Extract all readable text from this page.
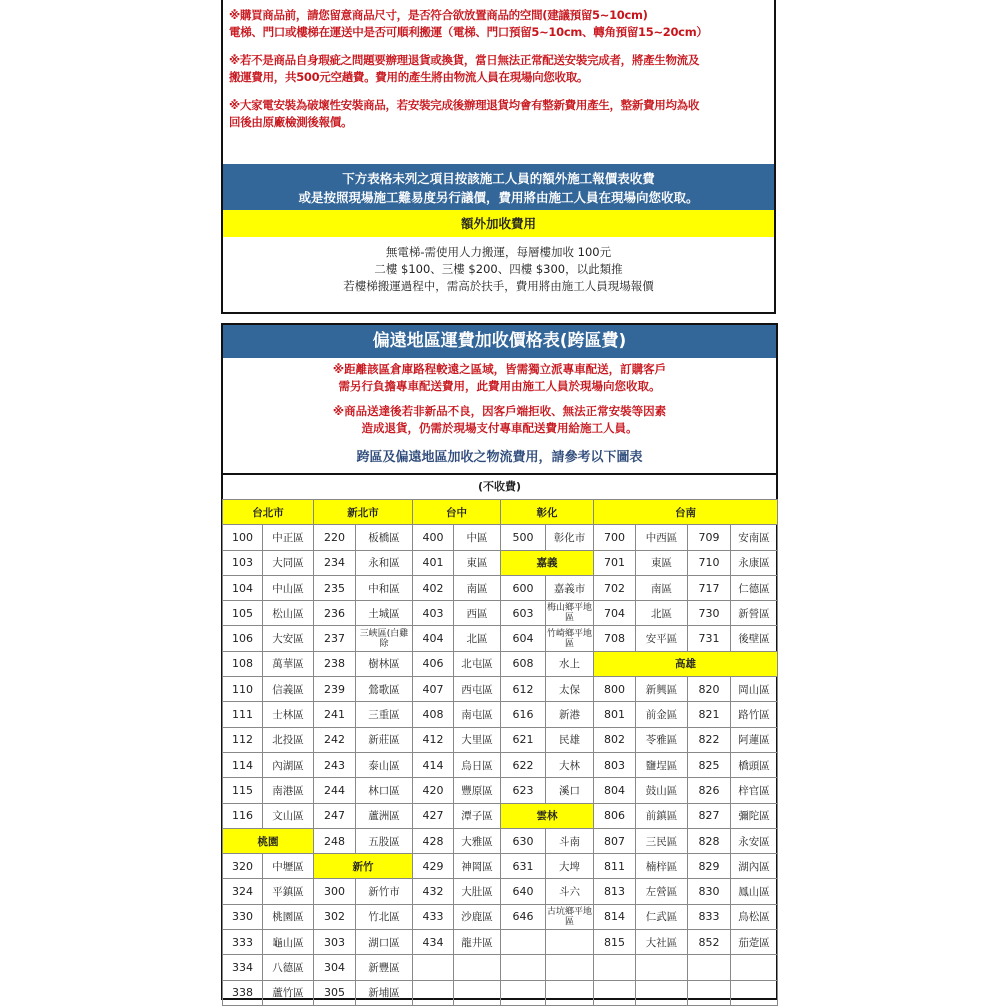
※購買商品前，請您留意商品尺寸，是否符合欲放置商品的空間(建議預留5~10cm)
電梯、門口或樓梯在運送中是否可順利搬運（電梯、門口預留5~10cm、轉角預留15~20cm）

※若不是商品自身瑕疵之問題要辦理退貨或換貨，當日無法正常配送安裝完成者，將產生物流及
搬運費用，共500元空趟費。費用的產生將由物流人員在現場向您收取。

※大家電安裝為破壞性安裝商品，若安裝完成後辦理退貨均會有整新費用產生，整新費用均為收
回後由原廠檢測後報價。

下方表格未列之項目按該施工人員的額外施工報價表收費
或是按照現場施工難易度另行議價，費用將由施工人員在現場向您收取。
額外加收費用
無電梯-需使用人力搬運，每層樓加收 100元
二樓 $100、三樓 $200、四樓 $300，以此類推
若樓梯搬運過程中，需高於扶手，費用將由施工人員現場報價
偏遠地區運費加收價格表(跨區費)

※距離該區倉庫路程較遠之區域，皆需獨立派專車配送，訂購客戶
需另行負擔專車配送費用，此費用由施工人員於現場向您收取。

※商品送達後若非新品不良，因客戶端拒收、無法正常安裝等因素
造成退貨，仍需於現場支付專車配送費用給施工人員。

跨區及偏遠地區加收之物流費用，請參考以下圖表
(不收費)
台北市		新北市		台中		彰化		台南			
100	中正區	220	板橋區	400	中區	500	彰化市	700	中西區	709	安南區
103	大同區	234	永和區	401	東區	嘉義		701	東區	710	永康區
104	中山區	235	中和區	402	南區	600	嘉義市	702	南區	717	仁德區
105	松山區	236	土城區	403	西區	603	梅山鄉平地區	704	北區	730	新營區
106	大安區	237	三峽區(白雞除	404	北區	604	竹崎鄉平地區	708	安平區	731	後壁區
108	萬華區	238	樹林區	406	北屯區	608	水上	高雄			
110	信義區	239	鶯歌區	407	西屯區	612	太保	800	新興區	820	岡山區
111	士林區	241	三重區	408	南屯區	616	新港	801	前金區	821	路竹區
112	北投區	242	新莊區	412	大里區	621	民雄	802	苓雅區	822	阿蓮區
114	內湖區	243	泰山區	414	烏日區	622	大林	803	鹽埕區	825	橋頭區
115	南港區	244	林口區	420	豐原區	623	溪口	804	鼓山區	826	梓官區
116	文山區	247	蘆洲區	427	潭子區	雲林		806	前鎮區	827	彌陀區
桃園		248	五股區	428	大雅區	630	斗南	807	三民區	828	永安區
320	中壢區	新竹		429	神岡區	631	大埤	811	楠梓區	829	湖內區
324	平鎮區	300	新竹市	432	大肚區	640	斗六	813	左營區	830	鳳山區
330	桃園區	302	竹北區	433	沙鹿區	646	古坑鄉平地區	814	仁武區	833	鳥松區
333	龜山區	303	湖口區	434	龍井區			815	大社區	852	茄萣區
334	八德區	304	新豐區								
338	蘆竹區	305	新埔區								
